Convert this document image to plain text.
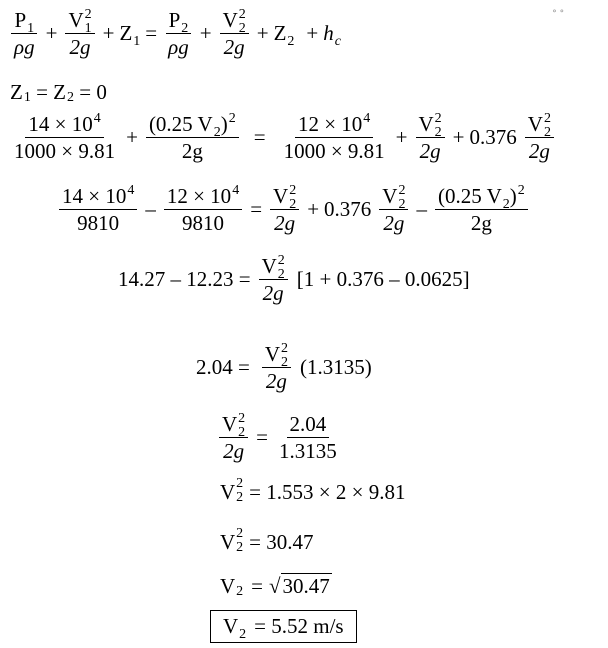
∘ ∘
$P_1$
ρg
+ $\frac{V^2_1}{2g} + Z_1 = \frac{P_2}{\rho g} + \frac{V^2_2}{2g} + Z_2 + h_c$
Z 1 = Z 2 = 0
$14 \times 10^4$
1000 × 9.81
+ $\frac{(0.25 V_2)^2}{2g} = \frac{12 \times 10^4}{1000 \times 9.81} + \frac{V^2_2}{2g} + 0.376$
$V^2_2$
2g
$14 \times 10^4$
9810
– $\frac{12 \times 10^4}{9810} = \frac{V^2_2}{2g} + 0.376$
$V^2_2$
2g
–
(0.25 $V_2)^2$
2g
$14.27 - 12.23 = \frac{V^2_2}{2g} [1 + 0.376 - 0.0625]$
$2.04 = \frac{V^2_2}{2g} (1.3135)$
$\frac{V^2_2}{2g} = \frac{2.04}{1.3135}$
V 2
2 = 1.553 × 2 × 9.81
V 2
2 = 30.47
V 2 = √30.47
$V_2 = 5.52$ m/s
